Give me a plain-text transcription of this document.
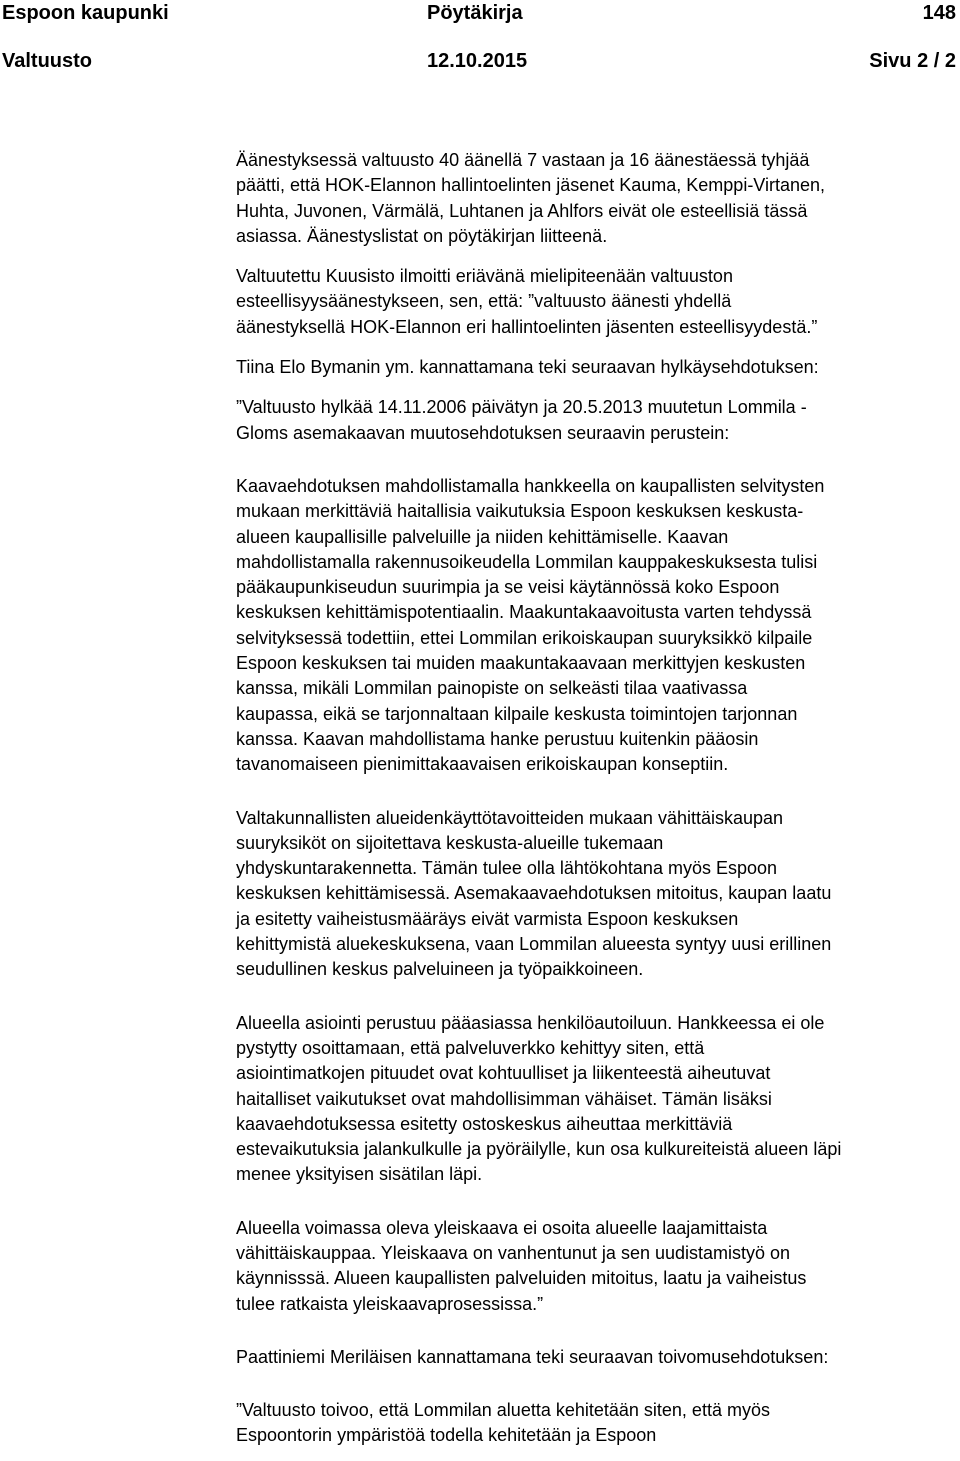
Espoon kaupunki	Pöytäkirja	148
Valtuusto	12.10.2015	Sivu 2 / 2

Äänestyksessä valtuusto 40 äänellä 7 vastaan ja 16 äänestäessä tyhjää
päätti, että HOK-Elannon hallintoelinten jäsenet Kauma, Kemppi-Virtanen,
Huhta, Juvonen, Värmälä, Luhtanen ja Ahlfors eivät ole esteellisiä tässä
asiassa. Äänestyslistat on pöytäkirjan liitteenä.

Valtuutettu Kuusisto ilmoitti eriävänä mielipiteenään valtuuston
esteellisyysäänestykseen, sen, että: ”valtuusto äänesti yhdellä
äänestyksellä HOK-Elannon eri hallintoelinten jäsenten esteellisyydestä.”

Tiina Elo Bymanin ym. kannattamana teki seuraavan hylkäysehdotuksen:

”Valtuusto hylkää 14.11.2006 päivätyn ja 20.5.2013 muutetun Lommila -
Gloms asemakaavan muutosehdotuksen seuraavin perustein:

Kaavaehdotuksen mahdollistamalla hankkeella on kaupallisten selvitysten
mukaan merkittäviä haitallisia vaikutuksia Espoon keskuksen keskusta-
alueen kaupallisille palveluille ja niiden kehittämiselle. Kaavan
mahdollistamalla rakennusoikeudella Lommilan kauppakeskuksesta tulisi
pääkaupunkiseudun suurimpia ja se veisi käytännössä koko Espoon
keskuksen kehittämispotentiaalin. Maakuntakaavoitusta varten tehdyssä
selvityksessä todettiin, ettei Lommilan erikoiskaupan suuryksikkö kilpaile
Espoon keskuksen tai muiden maakuntakaavaan merkittyjen keskusten
kanssa, mikäli Lommilan painopiste on selkeästi tilaa vaativassa
kaupassa, eikä se tarjonnaltaan kilpaile keskusta toimintojen tarjonnan
kanssa. Kaavan mahdollistama hanke perustuu kuitenkin pääosin
tavanomaiseen pienimittakaavaisen erikoiskaupan konseptiin.

Valtakunnallisten alueidenkäyttötavoitteiden mukaan vähittäiskaupan
suuryksiköt on sijoitettava keskusta-alueille tukemaan
yhdyskuntarakennetta. Tämän tulee olla lähtökohtana myös Espoon
keskuksen kehittämisessä. Asemakaavaehdotuksen mitoitus, kaupan laatu
ja esitetty vaiheistusmääräys eivät varmista Espoon keskuksen
kehittymistä aluekeskuksena, vaan Lommilan alueesta syntyy uusi erillinen
seudullinen keskus palveluineen ja työpaikkoineen.

Alueella asiointi perustuu pääasiassa henkilöautoiluun. Hankkeessa ei ole
pystytty osoittamaan, että palveluverkko kehittyy siten, että
asiointimatkojen pituudet ovat kohtuulliset ja liikenteestä aiheutuvat
haitalliset vaikutukset ovat mahdollisimman vähäiset. Tämän lisäksi
kaavaehdotuksessa esitetty ostoskeskus aiheuttaa merkittäviä
estevaikutuksia jalankulkulle ja pyöräilylle, kun osa kulkureiteistä alueen läpi
menee yksityisen sisätilan läpi.

Alueella voimassa oleva yleiskaava ei osoita alueelle laajamittaista
vähittäiskauppaa. Yleiskaava on vanhentunut ja sen uudistamistyö on
käynnisssä. Alueen kaupallisten palveluiden mitoitus, laatu ja vaiheistus
tulee ratkaista yleiskaavaprosessissa.”

Paattiniemi Meriläisen kannattamana teki seuraavan toivomusehdotuksen:

”Valtuusto toivoo, että Lommilan aluetta kehitetään siten, että myös
Espoontorin ympäristöä todella kehitetään ja Espoon
